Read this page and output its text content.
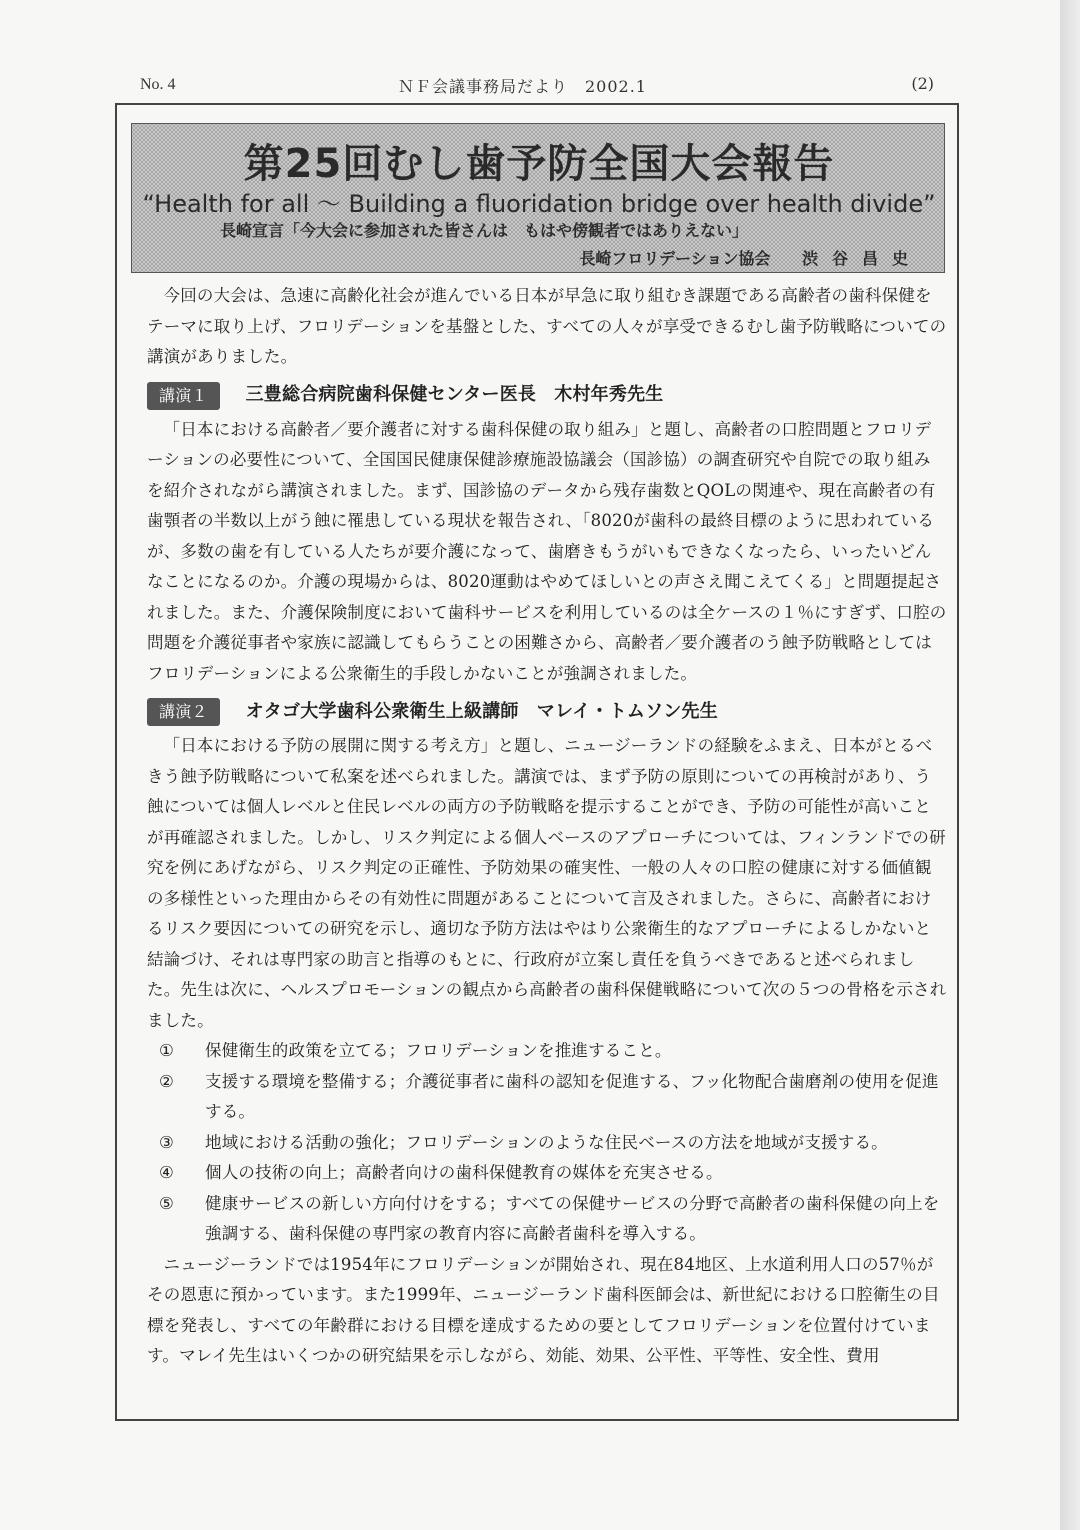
No. 4	ＮＦ会議事務局だより　2002.1	(2)
第25回むし歯予防全国大会報告
“Health for all ～ Building a fluoridation bridge over health divide”
長崎宣言「今大会に参加された皆さんは　もはや傍観者ではありえない」
長崎フロリデーション協会 渋谷昌史

今回の大会は、急速に高齢化社会が進んでいる日本が早急に取り組むき課題である高齢者の歯科保健をテーマに取り上げ、フロリデーションを基盤とした、すべての人々が享受できるむし歯予防戦略についての講演がありました。

講演１	三豊総合病院歯科保健センター医長　木村年秀先生

「日本における高齢者／要介護者に対する歯科保健の取り組み」と題し、高齢者の口腔問題とフロリデーションの必要性について、全国国民健康保健診療施設協議会（国診協）の調査研究や自院での取り組みを紹介されながら講演されました。まず、国診協のデータから残存歯数とQOLの関連や、現在高齢者の有歯顎者の半数以上がう蝕に罹患している現状を報告され、「8020が歯科の最終目標のように思われているが、多数の歯を有している人たちが要介護になって、歯磨きもうがいもできなくなったら、いったいどんなことになるのか。介護の現場からは、8020運動はやめてほしいとの声さえ聞こえてくる」と問題提起されました。また、介護保険制度において歯科サービスを利用しているのは全ケースの１％にすぎず、口腔の問題を介護従事者や家族に認識してもらうことの困難さから、高齢者／要介護者のう蝕予防戦略としてはフロリデーションによる公衆衛生的手段しかないことが強調されました。

講演２	オタゴ大学歯科公衆衛生上級講師　マレイ・トムソン先生

「日本における予防の展開に関する考え方」と題し、ニュージーランドの経験をふまえ、日本がとるべきう蝕予防戦略について私案を述べられました。講演では、まず予防の原則についての再検討があり、う蝕については個人レベルと住民レベルの両方の予防戦略を提示することができ、予防の可能性が高いことが再確認されました。しかし、リスク判定による個人ベースのアプローチについては、フィンランドでの研究を例にあげながら、リスク判定の正確性、予防効果の確実性、一般の人々の口腔の健康に対する価値観の多様性といった理由からその有効性に問題があることについて言及されました。さらに、高齢者におけるリスク要因についての研究を示し、適切な予防方法はやはり公衆衛生的なアプローチによるしかないと結論づけ、それは専門家の助言と指導のもとに、行政府が立案し責任を負うべきであると述べられました。先生は次に、ヘルスプロモーションの観点から高齢者の歯科保健戦略について次の５つの骨格を示されました。

①	保健衛生的政策を立てる；フロリデーションを推進すること。
②	支援する環境を整備する；介護従事者に歯科の認知を促進する、フッ化物配合歯磨剤の使用を促進する。
③	地域における活動の強化；フロリデーションのような住民ベースの方法を地域が支援する。
④	個人の技術の向上；高齢者向けの歯科保健教育の媒体を充実させる。
⑤	健康サービスの新しい方向付けをする；すべての保健サービスの分野で高齢者の歯科保健の向上を強調する、歯科保健の専門家の教育内容に高齢者歯科を導入する。

ニュージーランドでは1954年にフロリデーションが開始され、現在84地区、上水道利用人口の57％がその恩恵に預かっています。また1999年、ニュージーランド歯科医師会は、新世紀における口腔衛生の目標を発表し、すべての年齢群における目標を達成するための要としてフロリデーションを位置付けています。マレイ先生はいくつかの研究結果を示しながら、効能、効果、公平性、平等性、安全性、費用
